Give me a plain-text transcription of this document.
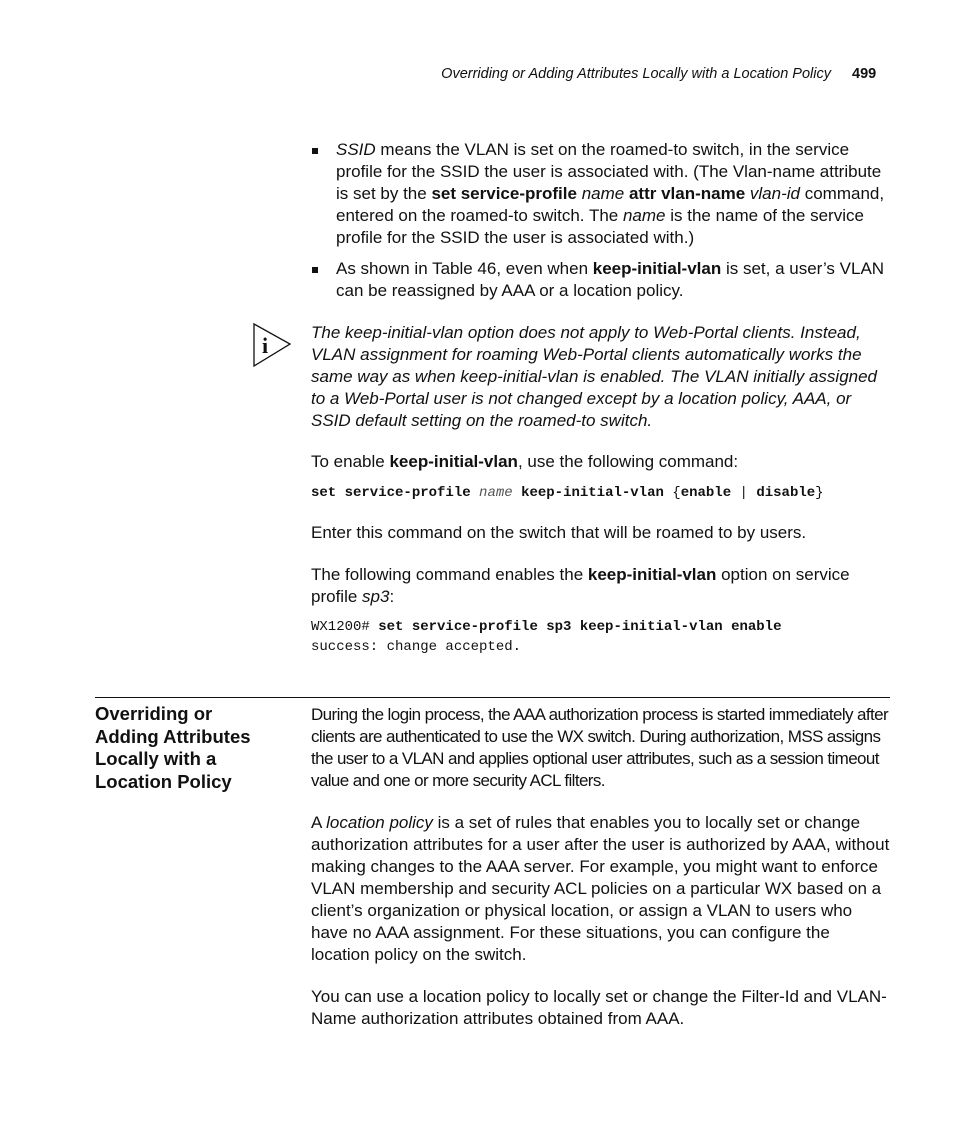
Overriding or Adding Attributes Locally with a Location Policy 499
SSID means the VLAN is set on the roamed-to switch, in the service profile for the SSID the user is associated with. (The Vlan-name attribute is set by the set service-profile name attr vlan-name vlan-id command, entered on the roamed-to switch. The name is the name of the service profile for the SSID the user is associated with.)
As shown in Table 46, even when keep-initial-vlan is set, a user’s VLAN can be reassigned by AAA or a location policy.
i
The keep-initial-vlan option does not apply to Web-Portal clients. Instead, VLAN assignment for roaming Web-Portal clients automatically works the same way as when keep-initial-vlan is enabled. The VLAN initially assigned to a Web-Portal user is not changed except by a location policy, AAA, or SSID default setting on the roamed-to switch.
To enable keep-initial-vlan, use the following command:
set service-profile name keep-initial-vlan {enable | disable}
Enter this command on the switch that will be roamed to by users.
The following command enables the keep-initial-vlan option on service profile sp3:
WX1200# set service-profile sp3 keep-initial-vlan enable
success: change accepted.
Overriding or
Adding Attributes
Locally with a
Location Policy
During the login process, the AAA authorization process is started immediately after clients are authenticated to use the WX switch. During authorization, MSS assigns the user to a VLAN and applies optional user attributes, such as a session timeout value and one or more security ACL filters.
A location policy is a set of rules that enables you to locally set or change authorization attributes for a user after the user is authorized by AAA, without making changes to the AAA server. For example, you might want to enforce VLAN membership and security ACL policies on a particular WX based on a client’s organization or physical location, or assign a VLAN to users who have no AAA assignment. For these situations, you can configure the location policy on the switch.
You can use a location policy to locally set or change the Filter-Id and VLAN-Name authorization attributes obtained from AAA.
